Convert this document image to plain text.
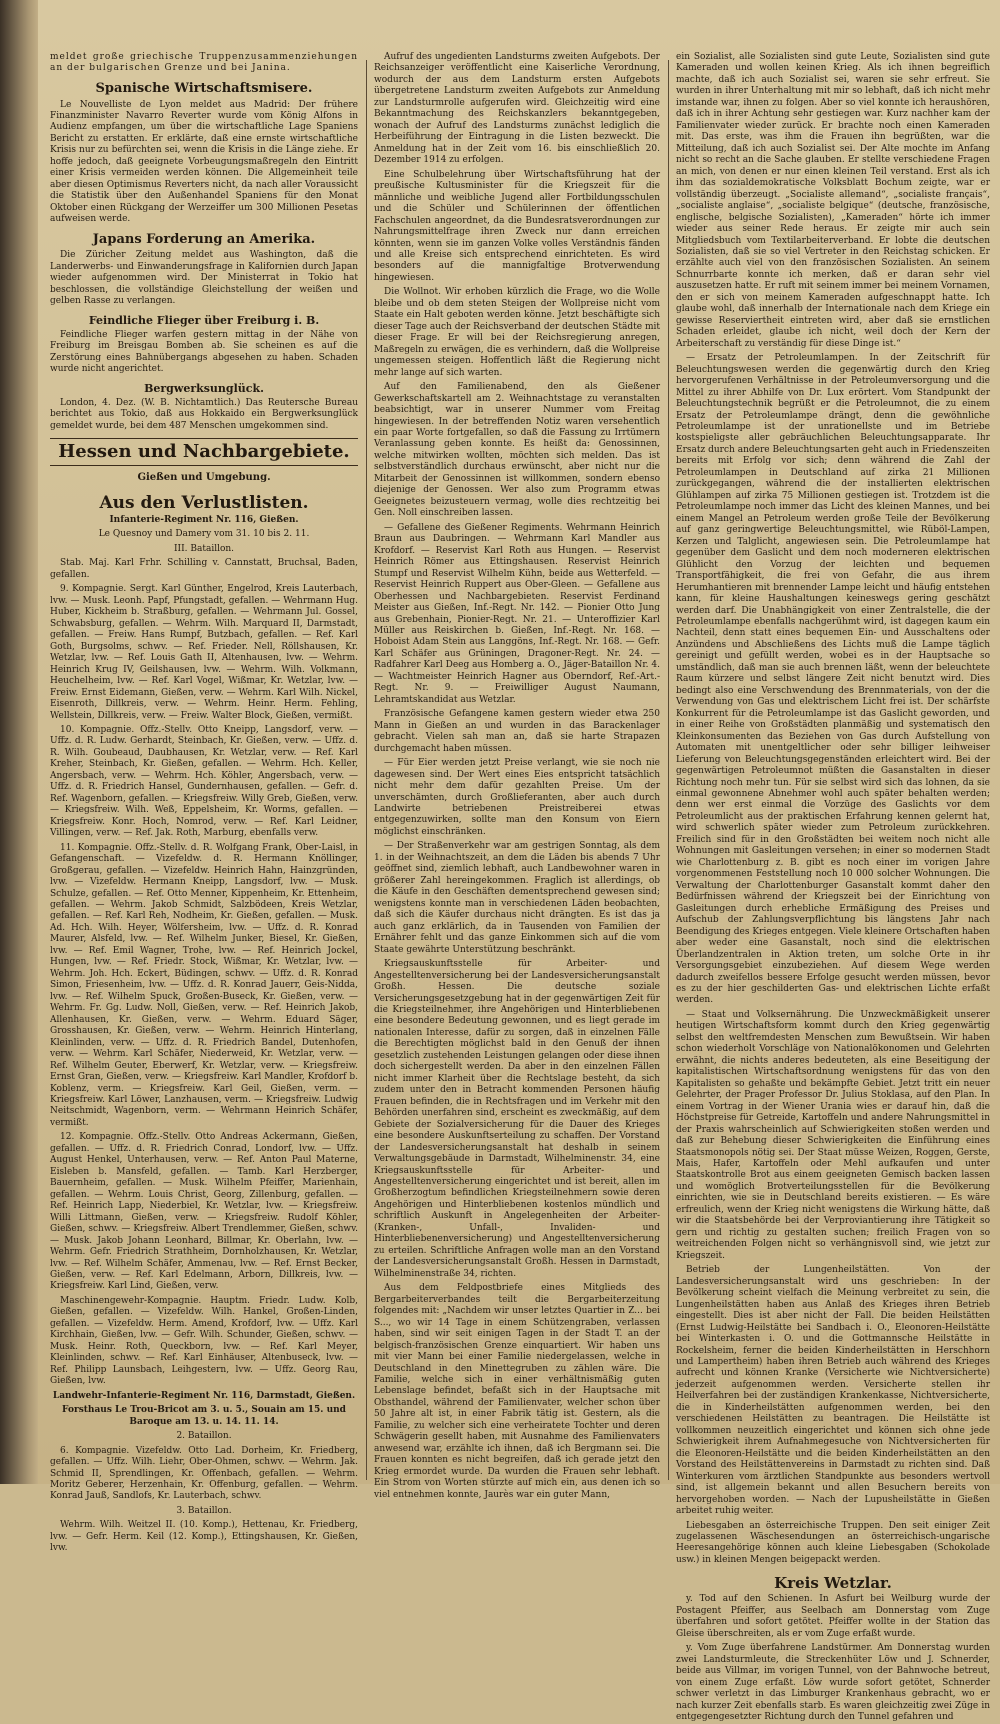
meldet große griechische Truppenzusammenziehungen an der bulgarischen Grenze und bei Janina.

Spanische Wirtschaftsmisere.

Le Nouvelliste de Lyon meldet aus Madrid: Der frühere Finanzminister Navarro Reverter wurde vom König Alfons in Audienz empfangen, um über die wirtschaftliche Lage Spaniens Bericht zu erstatten. Er erklärte, daß eine ernste wirtschaftliche Krisis nur zu befürchten sei, wenn die Krisis in die Länge ziehe. Er hoffe jedoch, daß geeignete Vorbeugungsmaßregeln den Eintritt einer Krisis vermeiden werden können. Die Allgemeinheit teile aber diesen Optimismus Reverters nicht, da nach aller Voraussicht die Statistik über den Außenhandel Spaniens für den Monat Oktober einen Rückgang der Werzeiffer um 300 Millionen Pesetas aufweisen werde.

Japans Forderung an Amerika.

Die Züricher Zeitung meldet aus Washington, daß die Landerwerbs- und Einwanderungsfrage in Kalifornien durch Japan wieder aufgenommen wird. Der Ministerrat in Tokio hat beschlossen, die vollständige Gleichstellung der weißen und gelben Rasse zu verlangen.

Feindliche Flieger über Freiburg i. B.

Feindliche Flieger warfen gestern mittag in der Nähe von Freiburg im Breisgau Bomben ab. Sie scheinen es auf die Zerstörung eines Bahnübergangs abgesehen zu haben. Schaden wurde nicht angerichtet.

Bergwerksunglück.

London, 4. Dez. (W. B. Nichtamtlich.) Das Reutersche Bureau berichtet aus Tokio, daß aus Hokkaido ein Bergwerksunglück gemeldet wurde, bei dem 487 Menschen umgekommen sind.

Hessen und Nachbargebiete.
Gießen und Umgebung.
Aus den Verlustlisten.
Infanterie-Regiment Nr. 116, Gießen.
Le Quesnoy und Damery vom 31. 10 bis 2. 11.
III. Bataillon.

Stab. Maj. Karl Frhr. Schilling v. Cannstatt, Bruchsal, Baden, gefallen.

9. Kompagnie. Sergt. Karl Günther, Engelrod, Kreis Lauterbach, lvw. — Musk. Leonh. Papf, Pfungstadt, gefallen. — Wehrmann Hug. Huber, Kickheim b. Straßburg, gefallen. — Wehrmann Jul. Gossel, Schwabsburg, gefallen. — Wehrm. Wilh. Marquard II, Darmstadt, gefallen. — Freiw. Hans Rumpf, Butzbach, gefallen. — Ref. Karl Goth, Burgsolms, schwv. — Ref. Frieder. Nell, Röllshausen, Kr. Wetzlar, lvw. — Ref. Louis Gath II, Altenhausen, lvw. — Wehrm. Heinrich Krug IV, Geilshausen, lvw. — Wehrm. Wilh. Volkmann, Heuchelheim, lvw. — Ref. Karl Vogel, Wißmar, Kr. Wetzlar, lvw. — Freiw. Ernst Eidemann, Gießen, verw. — Wehrm. Karl Wilh. Nickel, Eisenroth, Dillkreis, verw. — Wehrm. Heinr. Herm. Fehling, Wellstein, Dillkreis, verw. — Freiw. Walter Block, Gießen, vermißt.

10. Kompagnie. Offz.-Stellv. Otto Kneipp, Langsdorf, verw. — Uffz. d. R. Ludw. Gerhardt, Steinbach, Kr. Gießen, verw. — Uffz. d. R. Wilh. Goubeaud, Daubhausen, Kr. Wetzlar, verw. — Ref. Karl Kreher, Steinbach, Kr. Gießen, gefallen. — Wehrm. Hch. Keller, Angersbach, verw. — Wehrm. Hch. Köhler, Angersbach, verw. — Uffz. d. R. Friedrich Hansel, Gundernhausen, gefallen. — Gefr. d. Ref. Wagenborn, gefallen. — Kriegsfreiw. Willy Greb, Gießen, verw. — Kriegsfreiw. Wilh. Weß, Eppelsheim, Kr. Worms, gefallen. — Kriegsfreiw. Konr. Hoch, Nomrod, verw. — Ref. Karl Leidner, Villingen, verw. — Ref. Jak. Roth, Marburg, ebenfalls verw.

11. Kompagnie. Offz.-Stellv. d. R. Wolfgang Frank, Ober-Laisl, in Gefangenschaft. — Vizefeldw. d. R. Hermann Knöllinger, Großgerau, gefallen. — Vizefeldw. Heinrich Hahn, Hainzgründen, lvw. — Vizefeldw. Hermann Kneipp, Langsdorf, lvw. — Musk. Schulze, gefallen. — Ref. Otto Menner, Kippenheim, Kr. Ettenheim, gefallen. — Wehrm. Jakob Schmidt, Salzbödeen, Kreis Wetzlar, gefallen. — Ref. Karl Reh, Nodheim, Kr. Gießen, gefallen. — Musk. Ad. Hch. Wilh. Heyer, Wölfersheim, lvw. — Uffz. d. R. Konrad Maurer, Alsfeld, lvw. — Ref. Wilhelm Junker, Biesel, Kr. Gießen, lvw. — Ref. Emil Wagner, Trohe, lvw. — Ref. Heinrich Jockel, Hungen, lvw. — Ref. Friedr. Stock, Wißmar, Kr. Wetzlar, lvw. — Wehrm. Joh. Hch. Eckert, Büdingen, schwv. — Uffz. d. R. Konrad Simon, Friesenheim, lvw. — Uffz. d. R. Konrad Jauerr, Geis-Nidda, lvw. — Ref. Wilhelm Spuck, Großen-Buseck, Kr. Gießen, verw. — Wehrm. Fr. Gg. Ludw. Noll, Gießen, verw. — Ref. Heinrich Jakob, Allenhausen, Kr. Gießen, verw. — Wehrm. Eduard Säger, Grosshausen, Kr. Gießen, verw. — Wehrm. Heinrich Hinterlang, Kleinlinden, verw. — Uffz. d. R. Friedrich Bandel, Dutenhofen, verw. — Wehrm. Karl Schäfer, Niederweid, Kr. Wetzlar, verw. — Ref. Wilhelm Geuter, Eberwerf, Kr. Wetzlar, verw. — Kriegsfreiw. Ernst Gran, Gießen, verw. — Kriegsfreiw. Karl Mandler, Krofdorf b. Koblenz, verm. — Kriegsfreiw. Karl Geil, Gießen, verm. — Kriegsfreiw. Karl Löwer, Lanzhausen, verm. — Kriegsfreiw. Ludwig Neitschmidt, Wagenborn, verm. — Wehrmann Heinrich Schäfer, vermißt.

12. Kompagnie. Offz.-Stellv. Otto Andreas Ackermann, Gießen, gefallen. — Uffz. d. R. Friedrich Conrad, Londorf, lvw. — Uffz. August Henkel, Unterhausen, verw. — Ref. Anton Paul Materne, Eisleben b. Mansfeld, gefallen. — Tamb. Karl Herzberger, Bauernheim, gefallen. — Musk. Wilhelm Pfeiffer, Marienhain, gefallen. — Wehrm. Louis Christ, Georg, Zillenburg, gefallen. — Ref. Heinrich Lapp, Niederbiel, Kr. Wetzlar, lvw. — Kriegsfreiw. Willi Littmann, Gießen, verw. — Kriegsfreiw. Rudolf Köhler, Gießen, schwv. — Kriegsfreiw. Albert Trendlemmer, Gießen, schwv. — Musk. Jakob Johann Leonhard, Billmar, Kr. Oberlahn, lvw. — Wehrm. Gefr. Friedrich Strathheim, Dornholzhausen, Kr. Wetzlar, lvw. — Ref. Wilhelm Schäfer, Ammenau, lvw. — Ref. Ernst Becker, Gießen, verw. — Ref. Karl Edelmann, Arborn, Dillkreis, lvw. — Kriegsfreiw. Karl Lind, Gießen, verw.

Maschinengewehr-Kompagnie. Hauptm. Friedr. Ludw. Kolb, Gießen, gefallen. — Vizefeldw. Wilh. Hankel, Großen-Linden, gefallen. — Vizefeldw. Herm. Amend, Krofdorf, lvw. — Uffz. Karl Kirchhain, Gießen, lvw. — Gefr. Wilh. Schunder, Gießen, schwv. — Musk. Heinr. Roth, Queckborn, lvw. — Ref. Karl Meyer, Kleinlinden, schwv. — Ref. Karl Einhäuser, Altenbuseck, lvw. — Ref. Philipp Launsbach, Leihgestern, lvw. — Uffz. Georg Rau, Gießen, lvw.

Landwehr-Infanterie-Regiment Nr. 116, Darmstadt, Gießen.
Forsthaus Le Trou-Bricot am 3. u. 5., Souain am 15. und Baroque am 13. u. 14. 11. 14.
2. Bataillon.

6. Kompagnie. Vizefeldw. Otto Lad. Dorheim, Kr. Friedberg, gefallen. — Uffz. Wilh. Liehr, Ober-Ohmen, schwv. — Wehrm. Jak. Schmid II, Sprendlingen, Kr. Offenbach, gefallen. — Wehrm. Moritz Geberer, Herzenhain, Kr. Offenburg, gefallen. — Wehrm. Konrad Jauß, Sandlofs, Kr. Lauterbach, schwv.

3. Bataillon.

Wehrm. Wilh. Weitzel II. (10. Komp.), Hettenau, Kr. Friedberg, lvw. — Gefr. Herm. Keil (12. Komp.), Ettingshausen, Kr. Gießen, lvw.

Aufruf des ungedienten Landsturms zweiten Aufgebots. Der Reichsanzeiger veröffentlicht eine Kaiserliche Verordnung, wodurch der aus dem Landsturm ersten Aufgebots übergetretene Landsturm zweiten Aufgebots zur Anmeldung zur Landsturmrolle aufgerufen wird. Gleichzeitig wird eine Bekanntmachung des Reichskanzlers bekanntgegeben, wonach der Aufruf des Landsturms zunächst lediglich die Herbeiführung der Eintragung in die Listen bezweckt. Die Anmeldung hat in der Zeit vom 16. bis einschließlich 20. Dezember 1914 zu erfolgen.

Eine Schulbelehrung über Wirtschaftsführung hat der preußische Kultusminister für die Kriegszeit für die männliche und weibliche Jugend aller Fortbildungsschulen und die Schüler und Schülerinnen der öffentlichen Fachschulen angeordnet, da die Bundesratsverordnungen zur Nahrungsmittelfrage ihren Zweck nur dann erreichen könnten, wenn sie im ganzen Volke volles Verständnis fänden und alle Kreise sich entsprechend einrichteten. Es wird besonders auf die mannigfaltige Brotverwendung hingewiesen.

Die Wollnot. Wir erhoben kürzlich die Frage, wo die Wolle bleibe und ob dem steten Steigen der Wollpreise nicht vom Staate ein Halt geboten werden könne. Jetzt beschäftigte sich dieser Tage auch der Reichsverband der deutschen Städte mit dieser Frage. Er will bei der Reichsregierung anregen, Maßregeln zu erwägen, die es verhindern, daß die Wollpreise ungemessen steigen. Hoffentlich läßt die Regierung nicht mehr lange auf sich warten.

Auf den Familienabend, den als Gießener Gewerkschaftskartell am 2. Weihnachtstage zu veranstalten beabsichtigt, war in unserer Nummer vom Freitag hingewiesen. In der betreffenden Notiz waren versehentlich ein paar Worte fortgefallen, so daß die Fassung zu Irrtümern Veranlassung geben konnte. Es heißt da: Genossinnen, welche mitwirken wollten, möchten sich melden. Das ist selbstverständlich durchaus erwünscht, aber nicht nur die Mitarbeit der Genossinnen ist willkommen, sondern ebenso diejenige der Genossen. Wer also zum Programm etwas Geeignetes beizusteuern vermag, wolle dies rechtzeitig bei Gen. Noll einschreiben lassen.

— Gefallene des Gießener Regiments. Wehrmann Heinrich Braun aus Daubringen. — Wehrmann Karl Mandler aus Krofdorf. — Reservist Karl Roth aus Hungen. — Reservist Heinrich Römer aus Ettingshausen. Reservist Heinrich Stumpf und Reservist Wilhelm Kühn, beide aus Wetterfeld. — Reservist Heinrich Ruppert aus Ober-Gleen. — Gefallene aus Oberhessen und Nachbargebieten. Reservist Ferdinand Meister aus Gießen, Inf.-Regt. Nr. 142. — Pionier Otto Jung aus Grebenhain, Pionier-Regt. Nr. 21. — Unteroffizier Karl Müller aus Reiskirchen b. Gießen, Inf.-Regt. Nr. 168. — Hoboist Adam Stein aus Langgöns, Inf.-Regt. Nr. 168. — Gefr. Karl Schäfer aus Grüningen, Dragoner-Regt. Nr. 24. — Radfahrer Karl Deeg aus Homberg a. O., Jäger-Bataillon Nr. 4. — Wachtmeister Heinrich Hagner aus Oberndorf, Ref.-Art.-Regt. Nr. 9. — Freiwilliger August Naumann, Lehramtskandidat aus Wetzlar.

Französische Gefangene kamen gestern wieder etwa 250 Mann in Gießen an und wurden in das Barackenlager gebracht. Vielen sah man an, daß sie harte Strapazen durchgemacht haben müssen.

— Für Eier werden jetzt Preise verlangt, wie sie noch nie dagewesen sind. Der Wert eines Eies entspricht tatsächlich nicht mehr dem dafür gezahlten Preise. Um der unverschämten, durch Großlieferanten, aber auch durch Landwirte betriebenen Preistreiberei etwas entgegenzuwirken, sollte man den Konsum von Eiern möglichst einschränken.

— Der Straßenverkehr war am gestrigen Sonntag, als dem 1. in der Weihnachtszeit, an dem die Läden bis abends 7 Uhr geöffnet sind, ziemlich lebhaft, auch Landbewohner waren in größerer Zahl hereingekommen. Fraglich ist allerdings, ob die Käufe in den Geschäften dementsprechend gewesen sind; wenigstens konnte man in verschiedenen Läden beobachten, daß sich die Käufer durchaus nicht drängten. Es ist das ja auch ganz erklärlich, da in Tausenden von Familien der Ernährer fehlt und das ganze Einkommen sich auf die vom Staate gewährte Unterstützung beschränkt.

Kriegsauskunftsstelle für Arbeiter- und Angestelltenversicherung bei der Landesversicherungsanstalt Großh. Hessen. Die deutsche soziale Versicherungsgesetzgebung hat in der gegenwärtigen Zeit für die Kriegsteilnehmer, ihre Angehörigen und Hinterbliebenen eine besondere Bedeutung gewonnen, und es liegt gerade im nationalen Interesse, dafür zu sorgen, daß in einzelnen Fälle die Berechtigten möglichst bald in den Genuß der ihnen gesetzlich zustehenden Leistungen gelangen oder diese ihnen doch sichergestellt werden. Da aber in den einzelnen Fällen nicht immer Klarheit über die Rechtslage besteht, da sich zudem unter den in Betracht kommenden Personen häufig Frauen befinden, die in Rechtsfragen und im Verkehr mit den Behörden unerfahren sind, erscheint es zweckmäßig, auf dem Gebiete der Sozialversicherung für die Dauer des Krieges eine besondere Auskunftserteilung zu schaffen. Der Vorstand der Landesversicherungsanstalt hat deshalb in seinem Verwaltungsgebäude in Darmstadt, Wilhelminenstr. 34, eine Kriegsauskunftsstelle für Arbeiter- und Angestelltenversicherung eingerichtet und ist bereit, allen im Großherzogtum befindlichen Kriegsteilnehmern sowie deren Angehörigen und Hinterbliebenen kostenlos mündlich und schriftlich Auskunft in Angelegenheiten der Arbeiter- (Kranken-, Unfall-, Invaliden- und Hinterbliebenenversicherung) und Angestelltenversicherung zu erteilen. Schriftliche Anfragen wolle man an den Vorstand der Landesversicherungsanstalt Großh. Hessen in Darmstadt, Wilhelminenstraße 34, richten.

Aus dem Feldpostbriefe eines Mitglieds des Bergarbeiterverbandes teilt die Bergarbeiterzeitung folgendes mit: „Nachdem wir unser letztes Quartier in Z... bei S..., wo wir 14 Tage in einem Schützengraben, verlassen haben, sind wir seit einigen Tagen in der Stadt T. an der belgisch-französischen Grenze einquartiert. Wir haben uns mit vier Mann bei einer Familie niedergelassen, welche in Deutschland in den Minettegruben zu zählen wäre. Die Familie, welche sich in einer verhältnismäßig guten Lebenslage befindet, befaßt sich in der Hauptsache mit Obsthandel, während der Familienvater, welcher schon über 50 Jahre alt ist, in einer Fabrik tätig ist. Gestern, als die Familie, zu welcher sich eine verheiratete Tochter und deren Schwägerin gesellt haben, mit Ausnahme des Familienvaters anwesend war, erzählte ich ihnen, daß ich Bergmann sei. Die Frauen konnten es nicht begreifen, daß ich gerade jetzt den Krieg ermordet wurde. Da wurden die Frauen sehr lebhaft. Ein Strom von Worten stürzte auf mich ein, aus denen ich so viel entnehmen konnte, Jaurès war ein guter Mann,

ein Sozialist, alle Sozialisten sind gute Leute, Sozialisten sind gute Kameraden und wollen keinen Krieg. Als ich ihnen begreiflich machte, daß ich auch Sozialist sei, waren sie sehr erfreut. Sie wurden in ihrer Unterhaltung mit mir so lebhaft, daß ich nicht mehr imstande war, ihnen zu folgen. Aber so viel konnte ich heraushören, daß ich in ihrer Achtung sehr gestiegen war. Kurz nachher kam der Familienvater wieder zurück. Er brachte noch einen Kameraden mit. Das erste, was ihm die Frauen ihn begrüßten, war die Mitteilung, daß ich auch Sozialist sei. Der Alte mochte im Anfang nicht so recht an die Sache glauben. Er stellte verschiedene Fragen an mich, von denen er nur einen kleinen Teil verstand. Erst als ich ihm das sozialdemokratische Volksblatt Bochum zeigte, war er vollständig überzeugt. „Socialiste allemand“, „socialiste français“, „socialiste anglaise“, „socialiste belgique“ (deutsche, französische, englische, belgische Sozialisten), „Kameraden“ hörte ich immer wieder aus seiner Rede heraus. Er zeigte mir auch sein Mitgliedsbuch vom Textilarbeiterverband. Er lobte die deutschen Sozialisten, daß sie so viel Vertreter in den Reichstag schicken. Er erzählte auch viel von den französischen Sozialisten. An seinem Schnurrbarte konnte ich merken, daß er daran sehr viel auszusetzen hatte. Er ruft mit seinem immer bei meinem Vornamen, den er sich von meinem Kameraden aufgeschnappt hatte. Ich glaube wohl, daß innerhalb der Internationale nach dem Kriege ein gewisse Reserviertheit eintreten wird, aber daß sie ernstlichen Schaden erleidet, glaube ich nicht, weil doch der Kern der Arbeiterschaft zu verständig für diese Dinge ist.“

— Ersatz der Petroleumlampen. In der Zeitschrift für Beleuchtungswesen werden die gegenwärtig durch den Krieg hervorgerufenen Verhältnisse in der Petroleumversorgung und die Mittel zu ihrer Abhilfe von Dr. Lux erörtert. Vom Standpunkt der Beleuchtungstechnik begrüßt er die Petroleumnot, die zu einem Ersatz der Petroleumlampe drängt, denn die gewöhnliche Petroleumlampe ist der unrationellste und im Betriebe kostspieligste aller gebräuchlichen Beleuchtungsapparate. Ihr Ersatz durch andere Beleuchtungsarten geht auch in Friedenszeiten bereits mit Erfolg vor sich; denn während die Zahl der Petroleumlampen in Deutschland auf zirka 21 Millionen zurückgegangen, während die der installierten elektrischen Glühlampen auf zirka 75 Millionen gestiegen ist. Trotzdem ist die Petroleumlampe noch immer das Licht des kleinen Mannes, und bei einem Mangel an Petroleum werden große Teile der Bevölkerung auf ganz geringwertige Beleuchtungsmittel, wie Rüböl-Lampen, Kerzen und Talglicht, angewiesen sein. Die Petroleumlampe hat gegenüber dem Gaslicht und dem noch moderneren elektrischen Glühlicht den Vorzug der leichten und bequemen Transportfähigkeit, die frei von Gefahr, die aus ihrem Herumhantieren mit brennender Lampe leicht und häufig entstehen kann, für kleine Haushaltungen keineswegs gering geschätzt werden darf. Die Unabhängigkeit von einer Zentralstelle, die der Petroleumlampe ebenfalls nachgerühmt wird, ist dagegen kaum ein Nachteil, denn statt eines bequemen Ein- und Ausschaltens oder Anzündens und Abschließens des Lichts muß die Lampe täglich gereinigt und gefüllt werden, wobei es in der Hauptsache so umständlich, daß man sie auch brennen läßt, wenn der beleuchtete Raum kürzere und selbst längere Zeit nicht benutzt wird. Dies bedingt also eine Verschwendung des Brennmaterials, von der die Verwendung von Gas und elektrischem Licht frei ist. Der schärfste Konkurrent für die Petroleumlampe ist das Gaslicht geworden, und in einer Reihe von Großstädten planmäßig und systematisch den Kleinkonsumenten das Beziehen von Gas durch Aufstellung von Automaten mit unentgeltlicher oder sehr billiger leihweiser Lieferung von Beleuchtungsgegenständen erleichtert wird. Bei der gegenwärtigen Petroleumnot müßten die Gasanstalten in dieser Richtung noch mehr tun. Für sie selbst wird sich das lohnen, da sie einmal gewonnene Abnehmer wohl auch später behalten werden; denn wer erst einmal die Vorzüge des Gaslichts vor dem Petroleumlicht aus der praktischen Erfahrung kennen gelernt hat, wird schwerlich später wieder zum Petroleum zurückkehren. Freilich sind für in den Großstädten bei weitem noch nicht alle Wohnungen mit Gasleitungen versehen; in einer so modernen Stadt wie Charlottenburg z. B. gibt es noch einer im vorigen Jahre vorgenommenen Feststellung noch 10 000 solcher Wohnungen. Die Verwaltung der Charlottenburger Gasanstalt kommt daher den Bedürfnissen während der Kriegszeit bei der Einrichtung von Gasleitungen durch erhebliche Ermäßigung des Preises und Aufschub der Zahlungsverpflichtung bis längstens Jahr nach Beendigung des Krieges entgegen. Viele kleinere Ortschaften haben aber weder eine Gasanstalt, noch sind die elektrischen Überlandzentralen in Aktion treten, um solche Orte in ihr Versorgungsgebiet einzubeziehen. Auf diesem Wege werden dadurch zweifellos bessere Erfolge gesucht werden müssen, bevor es zu der hier geschilderten Gas- und elektrischen Lichte erfaßt werden.

— Staat und Volksernährung. Die Unzweckmäßigkeit unserer heutigen Wirtschaftsform kommt durch den Krieg gegenwärtig selbst den weltfremdesten Menschen zum Bewußtsein. Wir haben schon wiederholt Vorschläge von Nationalökonomen und Gelehrten erwähnt, die nichts anderes bedeuteten, als eine Beseitigung der kapitalistischen Wirtschaftsordnung wenigstens für das von den Kapitalisten so gehaßte und bekämpfte Gebiet. Jetzt tritt ein neuer Gelehrter, der Prager Professor Dr. Julius Stoklasa, auf den Plan. In einem Vortrag in der Wiener Urania wies er darauf hin, daß die Höchstpreise für Getreide, Kartoffeln und andere Nahrungsmittel in der Praxis wahrscheinlich auf Schwierigkeiten stoßen werden und daß zur Behebung dieser Schwierigkeiten die Einführung eines Staatsmonopols nötig sei. Der Staat müsse Weizen, Roggen, Gerste, Mais, Hafer, Kartoffeln oder Mehl aufkaufen und unter Staatskontrolle Brot aus einem geeigneten Gemisch backen lassen und womöglich Brotverteilungsstellen für die Bevölkerung einrichten, wie sie in Deutschland bereits existieren. — Es wäre erfreulich, wenn der Krieg nicht wenigstens die Wirkung hätte, daß wir die Staatsbehörde bei der Verproviantierung ihre Tätigkeit so gern und richtig zu gestalten suchen; freilich Fragen von so weitreichenden Folgen nicht so verhängnisvoll sind, wie jetzt zur Kriegszeit.

Betrieb der Lungenheilstätten. Von der Landesversicherungsanstalt wird uns geschrieben: In der Bevölkerung scheint vielfach die Meinung verbreitet zu sein, die Lungenheilstätten haben aus Anlaß des Krieges ihren Betrieb eingestellt. Dies ist aber nicht der Fall. Die beiden Heilstätten (Ernst Ludwig-Heilstätte bei Sandbach i. O., Eleonoren-Heilstätte bei Winterkasten i. O. und die Gottmannsche Heilstätte in Rockelsheim, ferner die beiden Kinderheilstätten in Herschhorn und Lampertheim) haben ihren Betrieb auch während des Krieges aufrecht und können Kranke (Versicherte wie Nichtversicherte) jederzeit aufgenommen werden. Versicherte stellen ihr Heilverfahren bei der zuständigen Krankenkasse, Nichtversicherte, die in Kinderheilstätten aufgenommen werden, bei den verschiedenen Heilstätten zu beantragen. Die Heilstätte ist vollkommen neuzeitlich eingerichtet und können sich ohne jede Schwierigkeit ihrem Aufnahmegesuche von Nichtversicherten für die Eleonoren-Heilstätte und die beiden Kinderheilstätten an den Vorstand des Heilstättenvereins in Darmstadt zu richten sind. Daß Winterkuren vom ärztlichen Standpunkte aus besonders wertvoll sind, ist allgemein bekannt und allen Besuchern bereits von hervorgehoben worden. — Nach der Lupusheilstätte in Gießen arbeitet ruhig weiter.

Liebesgaben an österreichische Truppen. Den seit einiger Zeit zugelassenen Wäschesendungen an österreichisch-ungarische Heeresangehörige können auch kleine Liebesgaben (Schokolade usw.) in kleinen Mengen beigepackt werden.

Kreis Wetzlar.

y. Tod auf den Schienen. In Asfurt bei Weilburg wurde der Postagent Pfeiffer, aus Seelbach am Donnerstag vom Zuge überfahren und sofort getötet. Pfeiffer wollte in der Station das Gleise überschreiten, als er vom Zuge erfaßt wurde.

y. Vom Zuge überfahrene Landstürmer. Am Donnerstag wurden zwei Landsturmleute, die Streckenhüter Löw und J. Schnerder, beide aus Villmar, im vorigen Tunnel, von der Bahnwoche betreut, von einem Zuge erfaßt. Löw wurde sofort getötet, Schnerder schwer verletzt in das Limburger Krankenhaus gebracht, wo er nach kurzer Zeit ebenfalls starb. Es waren gleichzeitig zwei Züge in entgegengesetzter Richtung durch den Tunnel gefahren und
